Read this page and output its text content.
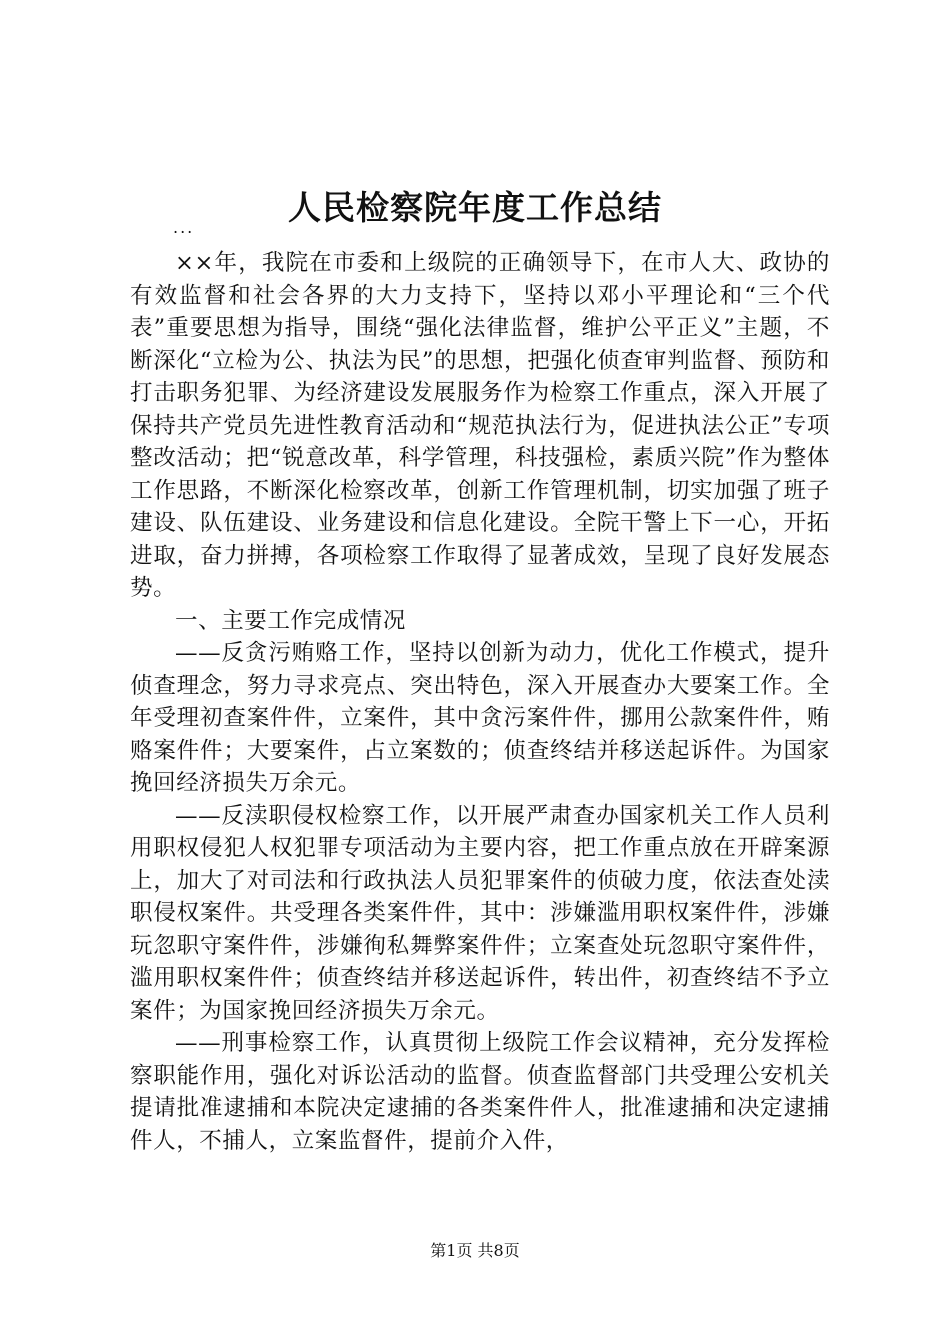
人民检察院年度工作总结
...

××年，我院在市委和上级院的正确领导下，在市人大、政协的有效监督和社会各界的大力支持下，坚持以邓小平理论和“三个代表”重要思想为指导，围绕“强化法律监督，维护公平正义”主题，不断深化“立检为公、执法为民”的思想，把强化侦查审判监督、预防和打击职务犯罪、为经济建设发展服务作为检察工作重点，深入开展了保持共产党员先进性教育活动和“规范执法行为，促进执法公正”专项整改活动；把“锐意改革，科学管理，科技强检，素质兴院”作为整体工作思路，不断深化检察改革，创新工作管理机制，切实加强了班子建设、队伍建设、业务建设和信息化建设。全院干警上下一心，开拓进取，奋力拼搏，各项检察工作取得了显著成效，呈现了良好发展态势。

一、主要工作完成情况

——反贪污贿赂工作，坚持以创新为动力，优化工作模式，提升侦查理念，努力寻求亮点、突出特色，深入开展查办大要案工作。全年受理初查案件件，立案件，其中贪污案件件，挪用公款案件件，贿赂案件件；大要案件，占立案数的；侦查终结并移送起诉件。为国家挽回经济损失万余元。

——反渎职侵权检察工作，以开展严肃查办国家机关工作人员利用职权侵犯人权犯罪专项活动为主要内容，把工作重点放在开辟案源上，加大了对司法和行政执法人员犯罪案件的侦破力度，依法查处渎职侵权案件。共受理各类案件件，其中：涉嫌滥用职权案件件，涉嫌玩忽职守案件件，涉嫌徇私舞弊案件件；立案查处玩忽职守案件件，滥用职权案件件；侦查终结并移送起诉件，转出件，初查终结不予立案件；为国家挽回经济损失万余元。

——刑事检察工作，认真贯彻上级院工作会议精神，充分发挥检察职能作用，强化对诉讼活动的监督。侦查监督部门共受理公安机关提请批准逮捕和本院决定逮捕的各类案件件人，批准逮捕和决定逮捕件人，不捕人，立案监督件，提前介入件，

第1页 共8页
